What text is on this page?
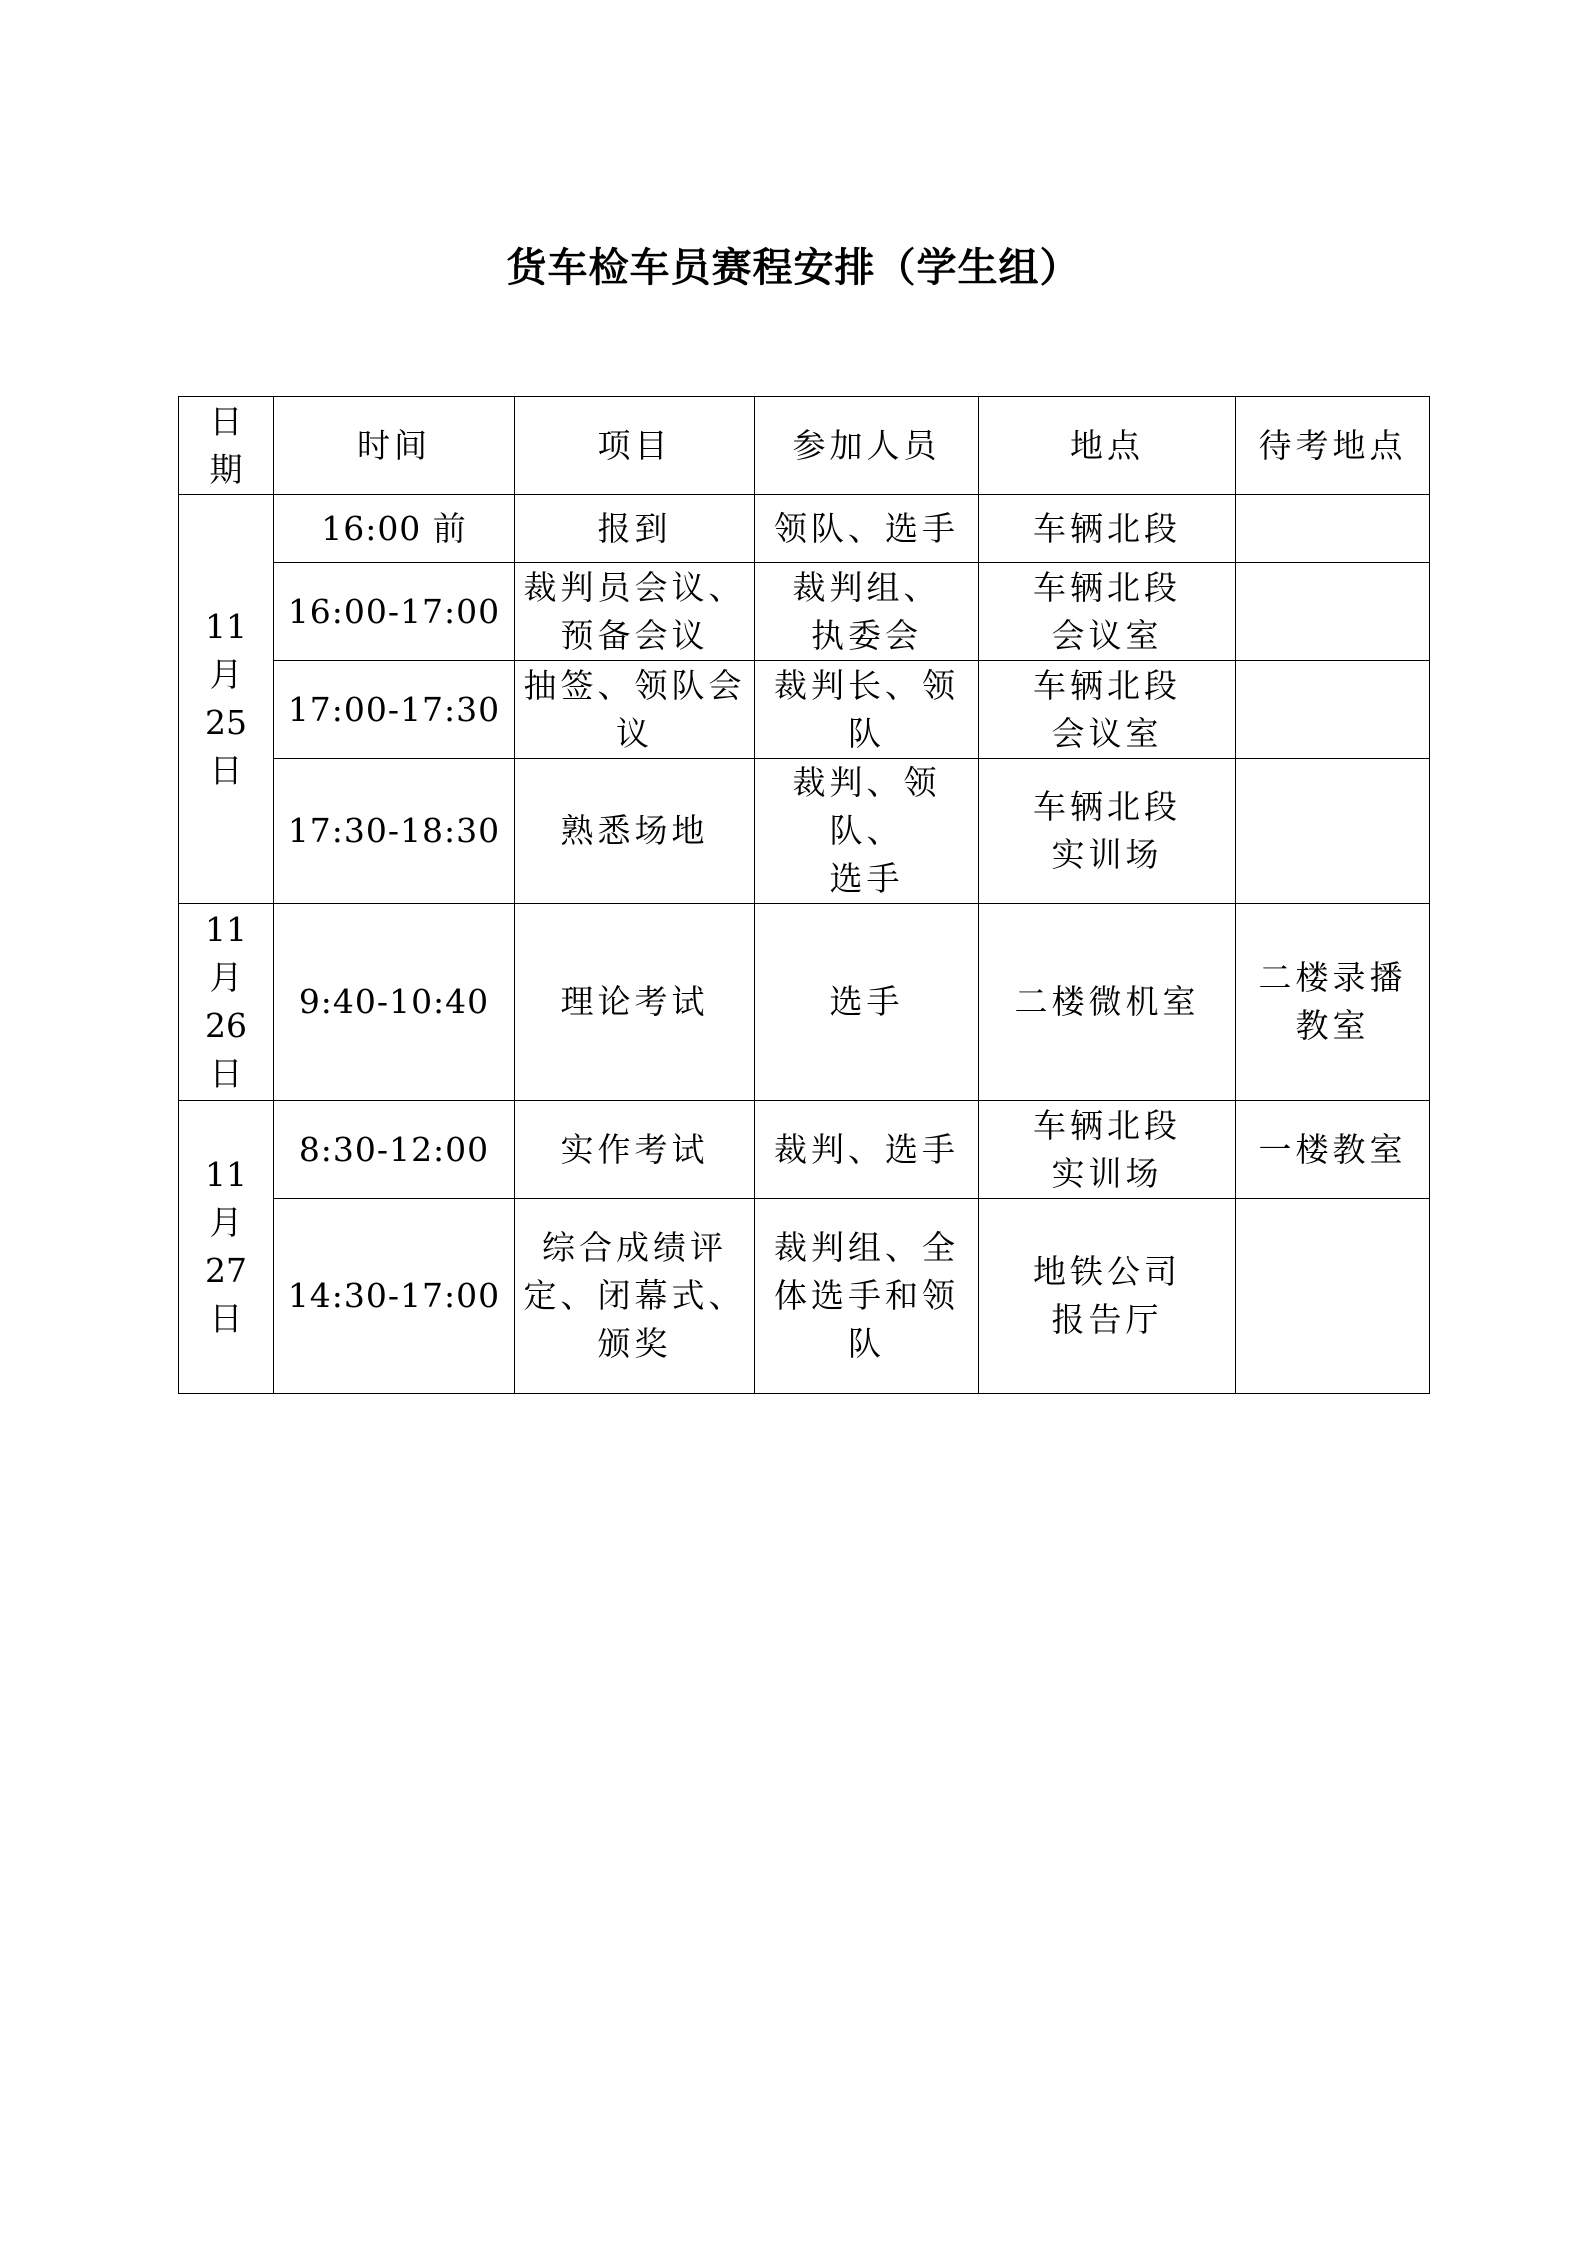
货车检车员赛程安排（学生组）
日
期	时间	项目	参加人员	地点	待考地点

11
月
25
日	16:00 前	报到	领队、选手	车辆北段	

	16:00-17:00	裁判员会议、
预备会议	裁判组、
执委会	车辆北段
会议室	

	17:00-17:30	抽签、领队会
议	裁判长、领
队	车辆北段
会议室	

	17:30-18:30	熟悉场地	裁判、领队、
选手	车辆北段
实训场	

11
月
26
日	9:40-10:40	理论考试	选手	二楼微机室	二楼录播
教室

11
月
27
日	8:30-12:00	实作考试	裁判、选手	车辆北段
实训场	一楼教室

	14:30-17:00	综合成绩评
定、闭幕式、
颁奖	裁判组、全
体选手和领
队	地铁公司
报告厅	
